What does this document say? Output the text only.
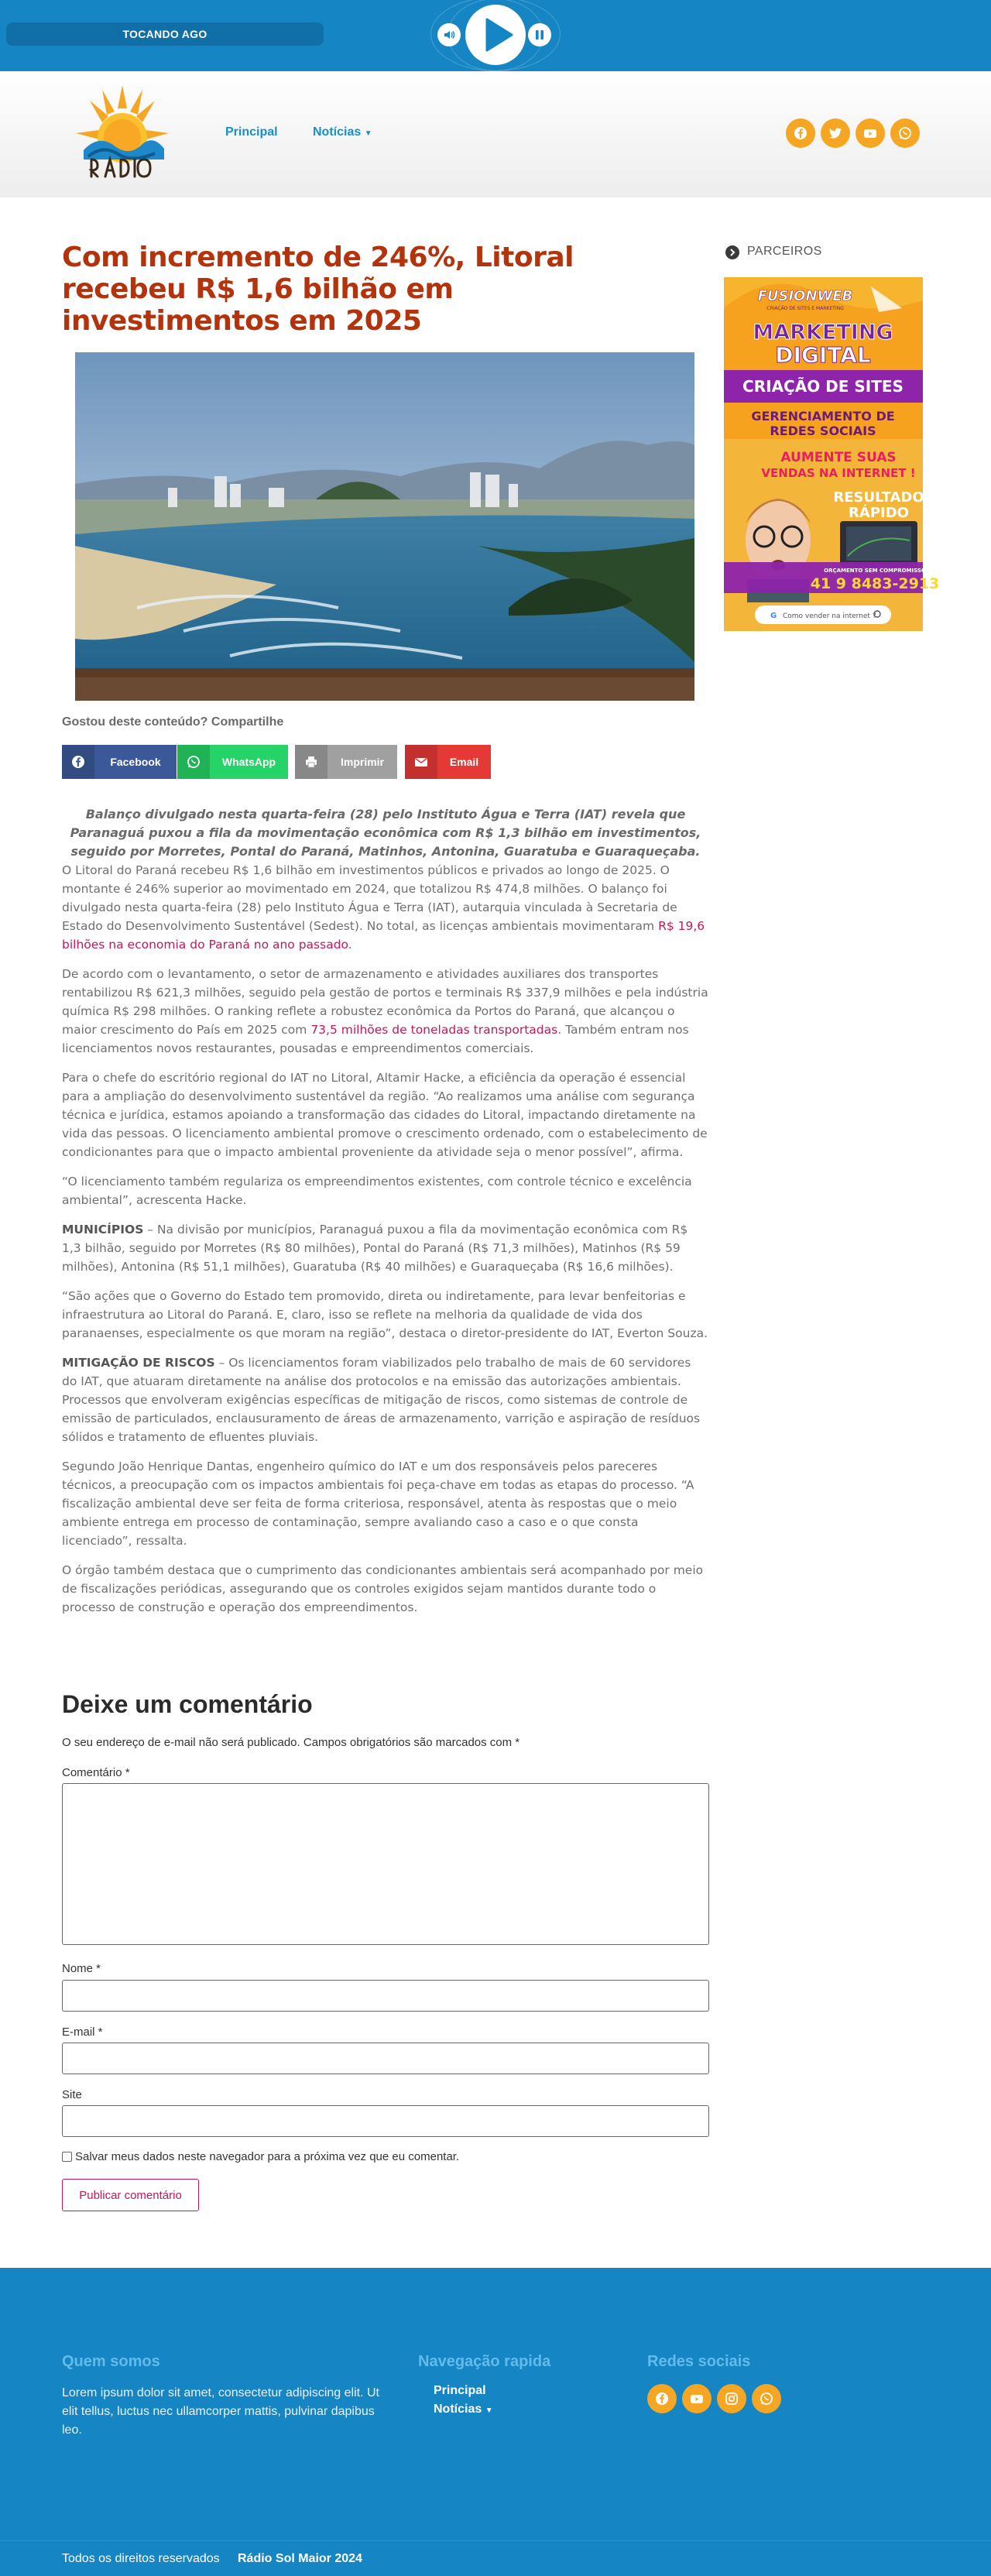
TOCANDO AGO
Principal	Notícias ▼
Com incremento de 246%, Litoral recebeu R$ 1,6 bilhão em investimentos em 2025
Gostou deste conteúdo? Compartilhe
Facebook	WhatsApp	Imprimir	Email

Balanço divulgado nesta quarta-feira (28) pelo Instituto Água e Terra (IAT) revela que Paranaguá puxou a fila da movimentação econômica com R$ 1,3 bilhão em investimentos, seguido por Morretes, Pontal do Paraná, Matinhos, Antonina, Guaratuba e Guaraqueçaba.

O Litoral do Paraná recebeu R$ 1,6 bilhão em investimentos públicos e privados ao longo de 2025. O montante é 246% superior ao movimentado em 2024, que totalizou R$ 474,8 milhões. O balanço foi divulgado nesta quarta-feira (28) pelo Instituto Água e Terra (IAT), autarquia vinculada à Secretaria de Estado do Desenvolvimento Sustentável (Sedest). No total, as licenças ambientais movimentaram R$ 19,6 bilhões na economia do Paraná no ano passado.

De acordo com o levantamento, o setor de armazenamento e atividades auxiliares dos transportes rentabilizou R$ 621,3 milhões, seguido pela gestão de portos e terminais R$ 337,9 milhões e pela indústria química R$ 298 milhões. O ranking reflete a robustez econômica da Portos do Paraná, que alcançou o maior crescimento do País em 2025 com 73,5 milhões de toneladas transportadas. Também entram nos licenciamentos novos restaurantes, pousadas e empreendimentos comerciais.

Para o chefe do escritório regional do IAT no Litoral, Altamir Hacke, a eficiência da operação é essencial para a ampliação do desenvolvimento sustentável da região. “Ao realizamos uma análise com segurança técnica e jurídica, estamos apoiando a transformação das cidades do Litoral, impactando diretamente na vida das pessoas. O licenciamento ambiental promove o crescimento ordenado, com o estabelecimento de condicionantes para que o impacto ambiental proveniente da atividade seja o menor possível”, afirma.

“O licenciamento também regulariza os empreendimentos existentes, com controle técnico e excelência ambiental”, acrescenta Hacke.

MUNICÍPIOS – Na divisão por municípios, Paranaguá puxou a fila da movimentação econômica com R$ 1,3 bilhão, seguido por Morretes (R$ 80 milhões), Pontal do Paraná (R$ 71,3 milhões), Matinhos (R$ 59 milhões), Antonina (R$ 51,1 milhões), Guaratuba (R$ 40 milhões) e Guaraqueçaba (R$ 16,6 milhões).

“São ações que o Governo do Estado tem promovido, direta ou indiretamente, para levar benfeitorias e infraestrutura ao Litoral do Paraná. E, claro, isso se reflete na melhoria da qualidade de vida dos paranaenses, especialmente os que moram na região”, destaca o diretor-presidente do IAT, Everton Souza.

MITIGAÇÃO DE RISCOS – Os licenciamentos foram viabilizados pelo trabalho de mais de 60 servidores do IAT, que atuaram diretamente na análise dos protocolos e na emissão das autorizações ambientais. Processos que envolveram exigências específicas de mitigação de riscos, como sistemas de controle de emissão de particulados, enclausuramento de áreas de armazenamento, varrição e aspiração de resíduos sólidos e tratamento de efluentes pluviais.

Segundo João Henrique Dantas, engenheiro químico do IAT e um dos responsáveis pelos pareceres técnicos, a preocupação com os impactos ambientais foi peça-chave em todas as etapas do processo. “A fiscalização ambiental deve ser feita de forma criteriosa, responsável, atenta às respostas que o meio ambiente entrega em processo de contaminação, sempre avaliando caso a caso e o que consta licenciado”, ressalta.

O órgão também destaca que o cumprimento das condicionantes ambientais será acompanhado por meio de fiscalizações periódicas, assegurando que os controles exigidos sejam mantidos durante todo o processo de construção e operação dos empreendimentos.

PARCEIROS
FUSIONWEB
CRIAÇÃO DE SITES E MARKETING
MARKETING
DIGITAL
CRIAÇÃO DE SITES
GERENCIAMENTO DE
REDES SOCIAIS
AUMENTE SUAS
VENDAS NA INTERNET !
RESULTADO
RÁPIDO
ORÇAMENTO SEM COMPROMISSO
41 9 8483-2913
G Como vender na internet ?
Deixe um comentário

O seu endereço de e-mail não será publicado. Campos obrigatórios são marcados com *

Comentário *
Nome *
E-mail *
Site
Salvar meus dados neste navegador para a próxima vez que eu comentar.
Publicar comentário
Quem somos

Lorem ipsum dolor sit amet, consectetur adipiscing elit. Ut elit tellus, luctus nec ullamcorper mattis, pulvinar dapibus leo.

Navegação rapida
Principal
Notícias ▼
Redes sociais
Todos os direitos reservados Rádio Sol Maior 2024
